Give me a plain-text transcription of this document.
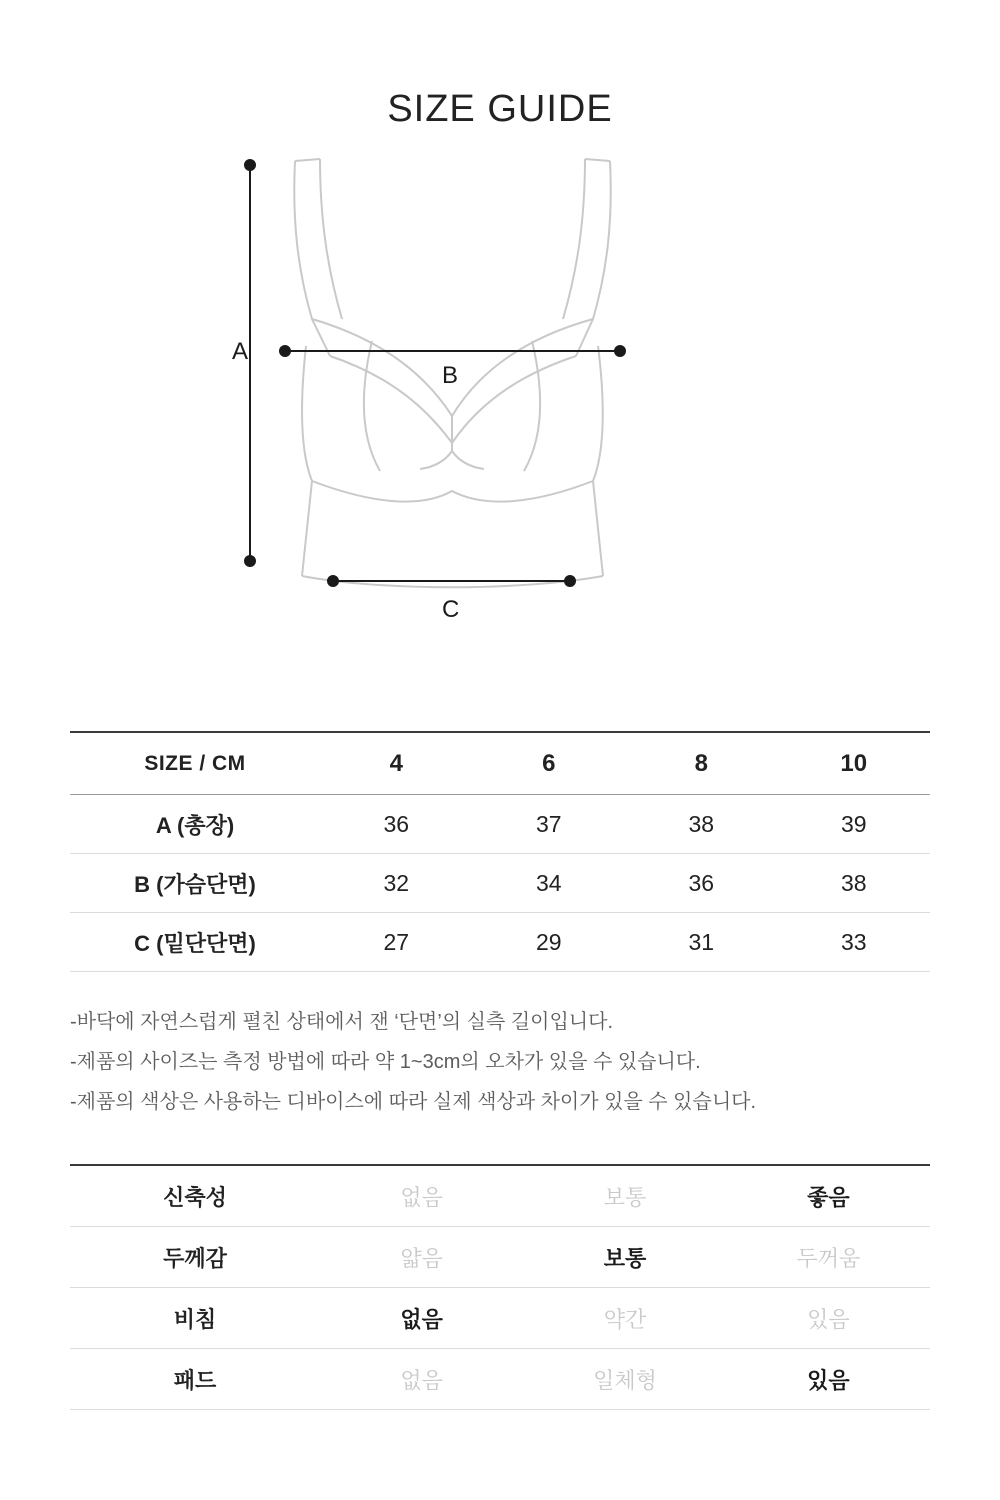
SIZE GUIDE
A
B
C
SIZE / CM	4	6	8	10
A (총장)	36	37	38	39
B (가슴단면)	32	34	36	38
C (밑단단면)	27	29	31	33

-바닥에 자연스럽게 펼친 상태에서 잰 ‘단면’의 실측 길이입니다.

-제품의 사이즈는 측정 방법에 따라 약 1~3cm의 오차가 있을 수 있습니다.

-제품의 색상은 사용하는 디바이스에 따라 실제 색상과 차이가 있을 수 있습니다.

신축성	없음	보통	좋음
두께감	얇음	보통	두꺼움
비침	없음	약간	있음
패드	없음	일체형	있음
